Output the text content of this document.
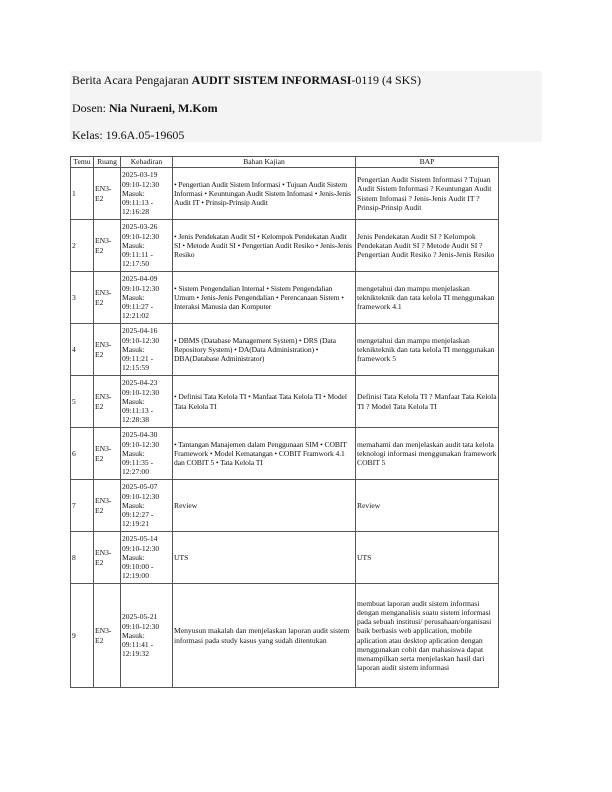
Berita Acara Pengajaran AUDIT SISTEM INFORMASI-0119 (4 SKS)
Dosen: Nia Nuraeni, M.Kom
Kelas: 19.6A.05-19605
Temu	Ruang	Kehadiran	Bahan Kajian	BAP
1	EN3-E2	2025-03-19 09:10-12:30 Masuk: 09:11:13 - 12:16:28	• Pengertian Audit Sistem Informasi • Tujuan Audit Sistem Informasi • Keuntungan Audit Sistem Infomasi • Jenis-Jenis Audit IT • Prinsip-Prinsip Audit	Pengertian Audit Sistem Informasi ? Tujuan Audit Sistem Informasi ? Keuntungan Audit Sistem Infomasi ? Jenis-Jenis Audit IT ? Prinsip-Prinsip Audit
2	EN3-E2	2025-03-26 09:10-12:30 Masuk: 09:11:11 - 12:17:50	• Jenis Pendekatan Audit SI • Kelompok Pendekatan Audit SI • Metode Audit SI • Pengertian Audit Resiko • Jenis-Jenis Resiko	Jenis Pendekatan Audit SI ? Kelompok Pendekatan Audit SI ? Metode Audit SI ? Pengertian Audit Resiko ? Jenis-Jenis Resiko
3	EN3-E2	2025-04-09 09:10-12:30 Masuk: 09:11:27 - 12:21:02	• Sistem Pengendalian Internal • Sistem Pengendalian Umum • Jenis-Jenis Pengendalian • Perencanaan Sistem • Interaksi Manusia dan Komputer	mengetahui dan mampu menjelaskan teknikteknik dan tata kelola TI menggunakan framework 4.1
4	EN3-E2	2025-04-16 09:10-12:30 Masuk: 09:11:21 - 12:15:59	• DBMS (Database Management System) • DRS (Data Repository System) • DA(Data Administration) • DBA(Database Administrator)	mengetahui dan mampu menjelaskan teknikteknik dan tata kelola TI menggunakan framework 5
5	EN3-E2	2025-04-23 09:10-12:30 Masuk: 09:11:13 - 12:28:38	• Definisi Tata Kelola TI • Manfaat Tata Kelola TI • Model Tata Kelola TI	Definisi Tata Kelola TI ? Manfaat Tata Kelola TI ? Model Tata Kelola TI
6	EN3-E2	2025-04-30 09:10-12:30 Masuk: 09:11:35 - 12:27:00	• Tantangan Manajemen dalam Penggunaan SIM • COBIT Framework • Model Kematangan • COBIT Framwork 4.1 dan COBIT 5 • Tata Kelola TI	memahami dan menjelaskan audit tata kelola teknologi informasi menggunakan framework COBIT 5
7	EN3-E2	2025-05-07 09:10-12:30 Masuk: 09:12:27 - 12:19:21	Review	Review
8	EN3-E2	2025-05-14 09:10-12:30 Masuk: 09:10:00 - 12:19:00	UTS	UTS
9	EN3-E2	2025-05-21 09:10-12:30 Masuk: 09:11:41 - 12:19:32	Menyusun makalah dan menjelaskan laporan audit sistem informasi pada study kasus yang sudah ditentukan	membuat laporan audit sistem informasi dengan menganalisis suatu sistem informasi pada sebuah institusi/ perusahaan/organisasi baik berbasis web application, mobile aplication atau desktop aplication dengan menggunakan cobit dan mahasiswa dapat menampilkan serta menjelaskan hasil dari laporan audit sistem informasi
